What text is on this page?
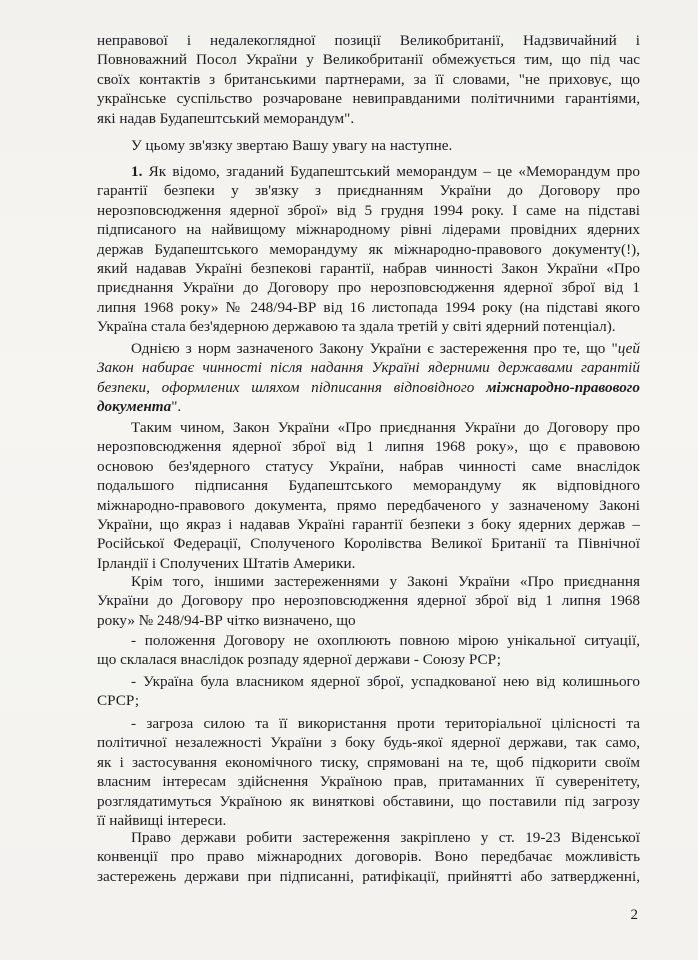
неправової і недалекоглядної позиції Великобританії, Надзвичайний і
Повноважний Посол України у Великобританії обмежується тим, що під час
своїх контактів з британськими партнерами, за її словами, "не приховує, що
українське суспільство розчароване невиправданими політичними гарантіями,
які надав Будапештський меморандум".
У цьому зв'язку звертаю Вашу увагу на наступне.
1. Як відомо, згаданий Будапештський меморандум – це «Меморандум про
гарантії безпеки у зв'язку з приєднанням України до Договору про
нерозповсюдження ядерної зброї» від 5 грудня 1994 року. І саме на підставі
підписаного на найвищому міжнародному рівні лідерами провідних ядерних
держав Будапештського меморандуму як міжнародно-правового документу(!),
який надавав Україні безпекові гарантії, набрав чинності Закон України «Про
приєднання України до Договору про нерозповсюдження ядерної зброї від 1
липня 1968 року» № 248/94-ВР від 16 листопада 1994 року (на підставі якого
Україна стала без'ядерною державою та здала третій у світі ядерний потенціал).
Однією з норм зазначеного Закону України є застереження про те, що "цей
Закон набирає чинності після надання Україні ядерними державами гарантій
безпеки, оформлених шляхом підписання відповідного міжнародно-правового
документа".
Таким чином, Закон України «Про приєднання України до Договору про
нерозповсюдження ядерної зброї від 1 липня 1968 року», що є правовою
основою без'ядерного статусу України, набрав чинності саме внаслідок
подальшого підписання Будапештського меморандуму як відповідного
міжнародно-правового документа, прямо передбаченого у зазначеному Законі
України, що якраз і надавав Україні гарантії безпеки з боку ядерних держав –
Російської Федерації, Сполученого Королівства Великої Британії та Північної
Ірландії і Сполучених Штатів Америки.
Крім того, іншими застереженнями у Законі України «Про приєднання
України до Договору про нерозповсюдження ядерної зброї від 1 липня 1968
року» № 248/94-ВР чітко визначено, що
- положення Договору не охоплюють повною мірою унікальної ситуації,
що склалася внаслідок розпаду ядерної держави - Союзу РСР;
- Україна була власником ядерної зброї, успадкованої нею від колишнього
СРСР;
- загроза силою та її використання проти територіальної цілісності та
політичної незалежності України з боку будь-якої ядерної держави, так само,
як і застосування економічного тиску, спрямовані на те, щоб підкорити своїм
власним інтересам здійснення Україною прав, притаманних її суверенітету,
розглядатимуться Україною як виняткові обставини, що поставили під загрозу
її найвищі інтереси.
Право держави робити застереження закріплено у ст. 19-23 Віденської
конвенції про право міжнародних договорів. Воно передбачає можливість
застережень держави при підписанні, ратифікації, прийнятті або затвердженні,
2
